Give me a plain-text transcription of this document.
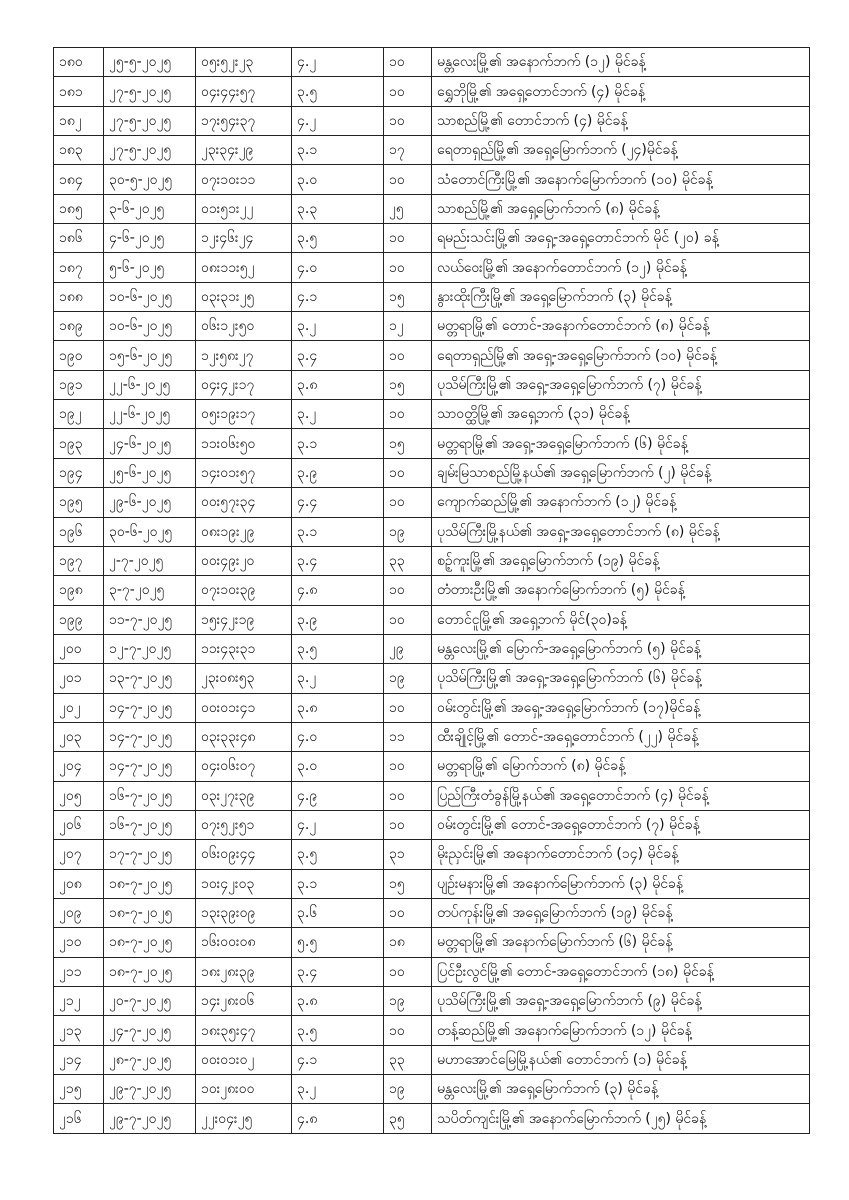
၁၈၀	၂၅-၅-၂၀၂၅	၀၅း၅၂း၂၃	၄.၂	၁၀	မန္တလေးမြို့၏ အနောက်ဘက် (၁၂) မိုင်ခန့်
၁၈၁	၂၇-၅-၂၀၂၅	၀၄း၄၄း၅၇	၃.၅	၁၀	ရွှေဘိုမြို့၏ အရှေ့တောင်ဘက် (၄) မိုင်ခန့်
၁၈၂	၂၇-၅-၂၀၂၅	၁၇း၅၄း၃၇	၄.၂	၁၀	သာစည်မြို့၏ တောင်ဘက် (၄) မိုင်ခန့်
၁၈၃	၂၇-၅-၂၀၂၅	၂၃း၃၄း၂၉	၃.၁	၁၇	ရေတာရှည်မြို့၏ အရှေ့မြောက်ဘက် (၂၄)မိုင်ခန့်
၁၈၄	၃၀-၅-၂၀၂၅	၀၇း၁၀း၁၁	၃.၀	၁၀	သံတောင်ကြီးမြို့၏ အနောက်မြောက်ဘက် (၁၀) မိုင်ခန့်
၁၈၅	၃-၆-၂၀၂၅	၀၁း၅၁း၂၂	၃.၃	၂၅	သာစည်မြို့၏ အရှေ့မြောက်ဘက် (၈) မိုင်ခန့်
၁၈၆	၄-၆-၂၀၂၅	၁၂း၄၆း၂၄	၃.၅	၁၀	ရမည်းသင်းမြို့၏ အရှေ့-အရှေ့တောင်ဘက် မိုင် (၂၀) ခန့်
၁၈၇	၅-၆-၂၀၂၅	၀၈း၁၁း၅၂	၄.၀	၁၀	လယ်ဝေးမြို့၏ အနောက်တောင်ဘက် (၁၂) မိုင်ခန့်
၁၈၈	၁၀-၆-၂၀၂၅	၀၃း၃၁း၂၅	၄.၁	၁၅	နွားထိုးကြီးမြို့၏ အရှေ့မြောက်ဘက် (၃) မိုင်ခန့်
၁၈၉	၁၀-၆-၂၀၂၅	၀၆း၁၂း၅၀	၃.၂	၁၂	မတ္တရာမြို့၏ တောင်-အနောက်တောင်ဘက် (၈) မိုင်ခန့်
၁၉၀	၁၅-၆-၂၀၂၅	၁၂း၅၈း၂၇	၃.၄	၁၀	ရေတာရှည်မြို့၏ အရှေ့-အရှေ့မြောက်ဘက် (၁၀) မိုင်ခန့်
၁၉၁	၂၂-၆-၂၀၂၅	၀၄း၄၂း၁၇	၃.၈	၁၅	ပုသိမ်ကြီးမြို့၏ အရှေ့-အရှေ့မြောက်ဘက် (၇) မိုင်ခန့်
၁၉၂	၂၂-၆-၂၀၂၅	၀၅း၁၉း၁၇	၃.၂	၁၀	သာဝတ္ထိမြို့၏ အရှေ့ဘက် (၃၁) မိုင်ခန့်
၁၉၃	၂၄-၆-၂၀၂၅	၁၁း၀၆း၅၀	၃.၁	၁၅	မတ္တရာမြို့၏ အရှေ့-အရှေ့မြောက်ဘက် (၆) မိုင်ခန့်
၁၉၄	၂၅-၆-၂၀၂၅	၁၄း၀၁း၅၇	၃.၉	၁၀	ချမ်းမြသာစည်မြို့နယ်၏ အရှေ့မြောက်ဘက် (၂) မိုင်ခန့်
၁၉၅	၂၉-၆-၂၀၂၅	၀၀း၅၇း၃၄	၄.၄	၁၀	ကျောက်ဆည်မြို့၏ အနောက်ဘက် (၁၂) မိုင်ခန့်
၁၉၆	၃၀-၆-၂၀၂၅	၀၈း၁၉း၂၉	၃.၁	၁၉	ပုသိမ်ကြီးမြို့နယ်၏ အရှေ့-အရှေ့တောင်ဘက် (၈) မိုင်ခန့်
၁၉၇	၂-၇-၂၀၂၅	၀၀း၄၉း၂၀	၃.၄	၃၃	စဉ့်ကူးမြို့၏ အရှေ့မြောက်ဘက် (၁၉) မိုင်ခန့်
၁၉၈	၃-၇-၂၀၂၅	၀၇း၁၀း၃၉	၄.၈	၁၀	တံတားဦးမြို့၏ အနောက်မြောက်ဘက် (၅) မိုင်ခန့်
၁၉၉	၁၁-၇-၂၀၂၅	၁၅း၄၂း၁၉	၃.၉	၁၀	တောင်ငူမြို့၏ အရှေ့ဘက် မိုင်(၃၀)ခန့်
၂၀၀	၁၂-၇-၂၀၂၅	၁၁း၄၃း၃၁	၃.၅	၂၉	မန္တလေးမြို့၏ မြောက်-အရှေ့မြောက်ဘက် (၅) မိုင်ခန့်
၂၀၁	၁၃-၇-၂၀၂၅	၂၃း၀၈း၅၃	၃.၂	၁၉	ပုသိမ်ကြီးမြို့၏ အရှေ့-အရှေ့မြောက်ဘက် (၆) မိုင်ခန့်
၂၀၂	၁၄-၇-၂၀၂၅	၀၀း၀၁း၄၁	၃.၈	၁၀	ဝမ်းတွင်းမြို့၏ အရှေ့-အရှေ့မြောက်ဘက် (၁၇)မိုင်ခန့်
၂၀၃	၁၄-၇-၂၀၂၅	၀၃း၃၃း၄၈	၄.၀	၁၁	ထီးချိုင့်မြို့၏ တောင်-အရှေ့တောင်ဘက် (၂၂) မိုင်ခန့်
၂၀၄	၁၄-၇-၂၀၂၅	၀၄း၀၆း၀၇	၃.၀	၁၀	မတ္တရာမြို့၏ မြောက်ဘက် (၈) မိုင်ခန့်
၂၀၅	၁၆-၇-၂၀၂၅	၀၃း၂၇း၃၉	၄.၉	၁၀	ပြည်ကြီးတံခွန်မြို့နယ်၏ အရှေ့တောင်ဘက် (၄) မိုင်ခန့်
၂၀၆	၁၆-၇-၂၀၂၅	၀၇း၅၂း၅၁	၄.၂	၁၀	ဝမ်းတွင်းမြို့၏ တောင်-အရှေ့တောင်ဘက် (၇) မိုင်ခန့်
၂၀၇	၁၇-၇-၂၀၂၅	၀၆း၀၉း၄၄	၃.၅	၃၁	မိုးညှင်းမြို့၏ အနောက်တောင်ဘက် (၁၄) မိုင်ခန့်
၂၀၈	၁၈-၇-၂၀၂၅	၁၀း၄၂း၀၃	၃.၁	၁၅	ပျဉ်းမနားမြို့၏ အနောက်မြောက်ဘက် (၃) မိုင်ခန့်
၂၀၉	၁၈-၇-၂၀၂၅	၁၃း၃၉း၀၉	၃.၆	၁၀	တပ်ကုန်းမြို့၏ အရှေ့မြောက်ဘက် (၁၉) မိုင်ခန့်
၂၁၀	၁၈-၇-၂၀၂၅	၁၆း၀၀း၀၈	၅.၅	၁၈	မတ္တရာမြို့၏ အနောက်မြောက်ဘက် (၆) မိုင်ခန့်
၂၁၁	၁၈-၇-၂၀၂၅	၁၈း၂၈း၃၉	၃.၄	၁၀	ပြင်ဦးလွင်မြို့၏ တောင်-အရှေ့တောင်ဘက် (၁၈) မိုင်ခန့်
၂၁၂	၂၀-၇-၂၀၂၅	၁၄း၂၈း၀၆	၃.၈	၁၉	ပုသိမ်ကြီးမြို့၏ အရှေ့-အရှေ့မြောက်ဘက် (၉) မိုင်ခန့်
၂၁၃	၂၄-၇-၂၀၂၅	၁၈း၃၅း၄၇	၃.၅	၁၀	တန့်ဆည်မြို့၏ အနောက်မြောက်ဘက် (၁၂) မိုင်ခန့်
၂၁၄	၂၈-၇-၂၀၂၅	၀၀း၀၁း၀၂	၄.၁	၃၃	မဟာအောင်မြေမြို့နယ်၏ တောင်ဘက် (၁) မိုင်ခန့်
၂၁၅	၂၉-၇-၂၀၂၅	၁၀း၂၈း၀၀	၃.၂	၁၉	မန္တလေးမြို့၏ အရှေ့မြောက်ဘက် (၃) မိုင်ခန့်
၂၁၆	၂၉-၇-၂၀၂၅	၂၂း၀၄း၂၅	၄.၈	၃၅	သပိတ်ကျင်းမြို့၏ အနောက်မြောက်ဘက် (၂၅) မိုင်ခန့်
